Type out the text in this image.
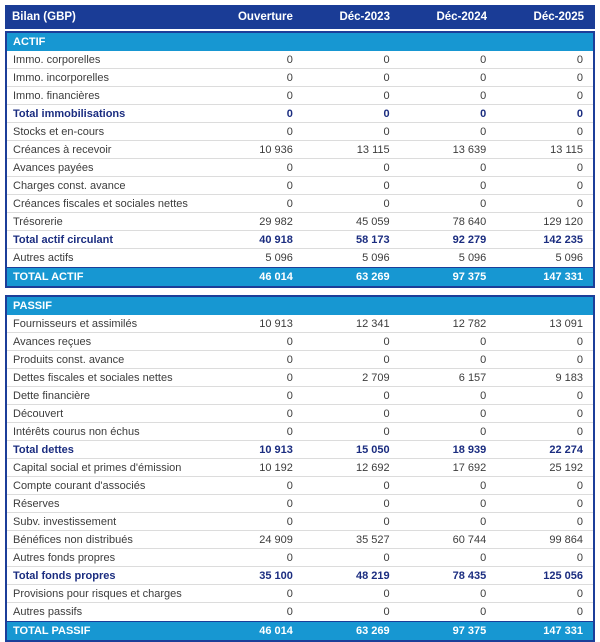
Bilan (GBP)	Ouverture	Déc-2023	Déc-2024	Déc-2025
ACTIF
Immo. corporelles	0	0	0	0
Immo. incorporelles	0	0	0	0
Immo. financières	0	0	0	0
Total immobilisations	0	0	0	0
Stocks et en-cours	0	0	0	0
Créances à recevoir	10 936	13 115	13 639	13 115
Avances payées	0	0	0	0
Charges const. avance	0	0	0	0
Créances fiscales et sociales nettes	0	0	0	0
Trésorerie	29 982	45 059	78 640	129 120
Total actif circulant	40 918	58 173	92 279	142 235
Autres actifs	5 096	5 096	5 096	5 096
TOTAL ACTIF	46 014	63 269	97 375	147 331
PASSIF
Fournisseurs et assimilés	10 913	12 341	12 782	13 091
Avances reçues	0	0	0	0
Produits const. avance	0	0	0	0
Dettes fiscales et sociales nettes	0	2 709	6 157	9 183
Dette financière	0	0	0	0
Découvert	0	0	0	0
Intérêts courus non échus	0	0	0	0
Total dettes	10 913	15 050	18 939	22 274
Capital social et primes d'émission	10 192	12 692	17 692	25 192
Compte courant d'associés	0	0	0	0
Réserves	0	0	0	0
Subv. investissement	0	0	0	0
Bénéfices non distribués	24 909	35 527	60 744	99 864
Autres fonds propres	0	0	0	0
Total fonds propres	35 100	48 219	78 435	125 056
Provisions pour risques et charges	0	0	0	0
Autres passifs	0	0	0	0
TOTAL PASSIF	46 014	63 269	97 375	147 331
